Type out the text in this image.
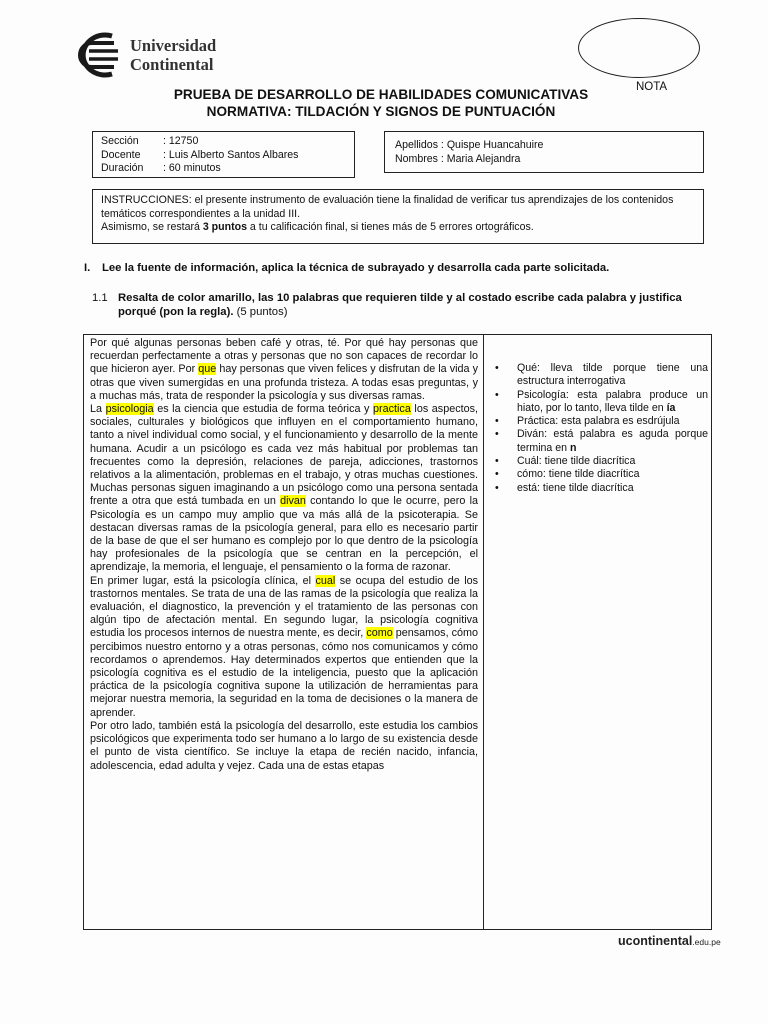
Universidad
Continental
NOTA
PRUEBA DE DESARROLLO DE HABILIDADES COMUNICATIVAS
NORMATIVA: TILDACIÓN Y SIGNOS DE PUNTUACIÓN
Sección	: 12750
Docente	: Luis Alberto Santos Albares
Duración	: 60 minutos
Apellidos : Quispe Huancahuire
Nombres : Maria Alejandra
INSTRUCCIONES: el presente instrumento de evaluación tiene la finalidad de verificar tus aprendizajes de los contenidos temáticos correspondientes a la unidad III.
Asimismo, se restará 3 puntos a tu calificación final, si tienes más de 5 errores ortográficos.
I. Lee la fuente de información, aplica la técnica de subrayado y desarrolla cada parte solicitada.
1.1 Resalta de color amarillo, las 10 palabras que requieren tilde y al costado escribe cada palabra y justifica porqué (pon la regla). (5 puntos)

Por qué algunas personas beben café y otras, té. Por qué hay personas que recuerdan perfectamente a otras y personas que no son capaces de recordar lo que hicieron ayer. Por que hay personas que viven felices y disfrutan de la vida y otras que viven sumergidas en una profunda tristeza. A todas esas preguntas, y a muchas más, trata de responder la psicología y sus diversas ramas.

La psicologia es la ciencia que estudia de forma teórica y practica los aspectos, sociales, culturales y biológicos que influyen en el comportamiento humano, tanto a nivel individual como social, y el funcionamiento y desarrollo de la mente humana. Acudir a un psicólogo es cada vez más habitual por problemas tan frecuentes como la depresión, relaciones de pareja, adicciones, trastornos relativos a la alimentación, problemas en el trabajo, y otras muchas cuestiones. Muchas personas siguen imaginando a un psicólogo como una persona sentada frente a otra que está tumbada en un divan contando lo que le ocurre, pero la Psicología es un campo muy amplio que va más allá de la psicoterapia. Se destacan diversas ramas de la psicología general, para ello es necesario partir de la base de que el ser humano es complejo por lo que dentro de la psicología hay profesionales de la psicología que se centran en la percepción, el aprendizaje, la memoria, el lenguaje, el pensamiento o la forma de razonar.

En primer lugar, está la psicología clínica, el cual se ocupa del estudio de los trastornos mentales. Se trata de una de las ramas de la psicología que realiza la evaluación, el diagnostico, la prevención y el tratamiento de las personas con algún tipo de afectación mental. En segundo lugar, la psicología cognitiva estudia los procesos internos de nuestra mente, es decir, como pensamos, cómo percibimos nuestro entorno y a otras personas, cómo nos comunicamos y cómo recordamos o aprendemos. Hay determinados expertos que entienden que la psicología cognitiva es el estudio de la inteligencia, puesto que la aplicación práctica de la psicología cognitiva supone la utilización de herramientas para mejorar nuestra memoria, la seguridad en la toma de decisiones o la manera de aprender.

Por otro lado, también está la psicología del desarrollo, este estudia los cambios psicológicos que experimenta todo ser humano a lo largo de su existencia desde el punto de vista científico. Se incluye la etapa de recién nacido, infancia, adolescencia, edad adulta y vejez. Cada una de estas etapas

• Qué: lleva tilde porque tiene una estructura interrogativa
• Psicología: esta palabra produce un hiato, por lo tanto, lleva tilde en ía
• Práctica: esta palabra es esdrújula
• Diván: está palabra es aguda porque termina en n
• Cuál: tiene tilde diacrítica
• cómo: tiene tilde diacrítica
• está: tiene tilde diacrítica
ucontinental.edu.pe
